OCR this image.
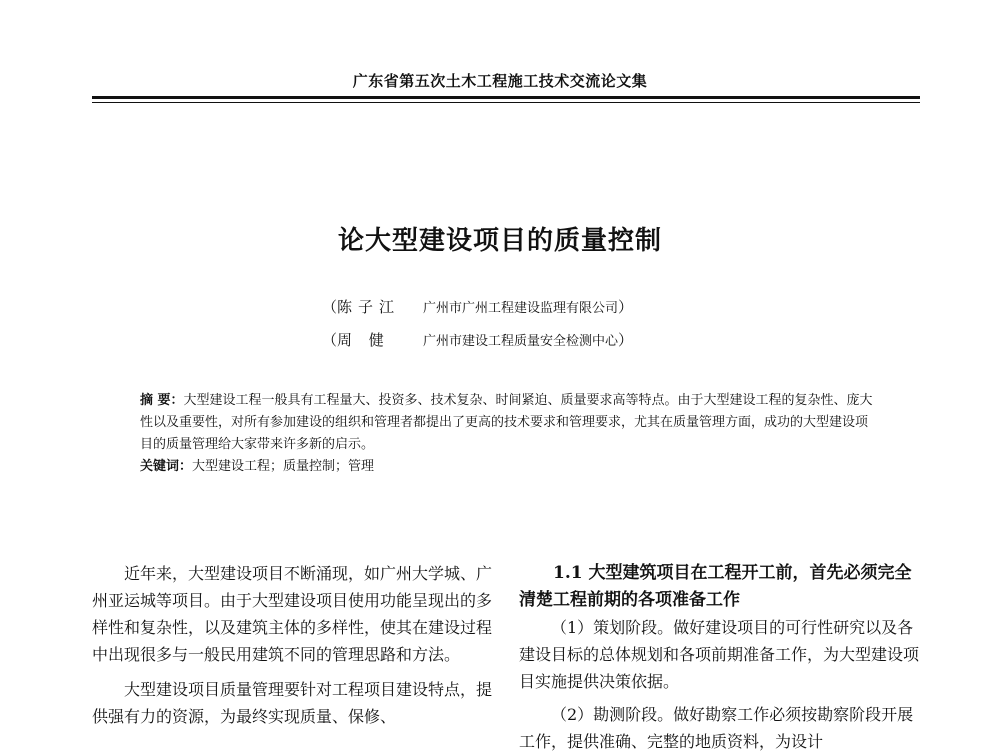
广东省第五次土木工程施工技术交流论文集
论大型建设项目的质量控制
（陈子江 广州市广州工程建设监理有限公司）
（周 健	广州市建设工程质量安全检测中心）

摘 要：大型建设工程一般具有工程量大、投资多、技术复杂、时间紧迫、质量要求高等特点。由于大型建设工程的复杂性、庞大性以及重要性，对所有参加建设的组织和管理者都提出了更高的技术要求和管理要求，尤其在质量管理方面，成功的大型建设项目的质量管理给大家带来许多新的启示。

关键词：大型建设工程；质量控制；管理

近年来，大型建设项目不断涌现，如广州大学城、广州亚运城等项目。由于大型建设项目使用功能呈现出的多样性和复杂性，以及建筑主体的多样性，使其在建设过程中出现很多与一般民用建筑不同的管理思路和方法。

大型建设项目质量管理要针对工程项目建设特点，提供强有力的资源，为最终实现质量、保修、

1.1 大型建筑项目在工程开工前，首先必须完全清楚工程前期的各项准备工作

（1）策划阶段。做好建设项目的可行性研究以及各建设目标的总体规划和各项前期准备工作，为大型建设项目实施提供决策依据。

（2）勘测阶段。做好勘察工作必须按勘察阶段开展工作，提供准确、完整的地质资料，为设计
